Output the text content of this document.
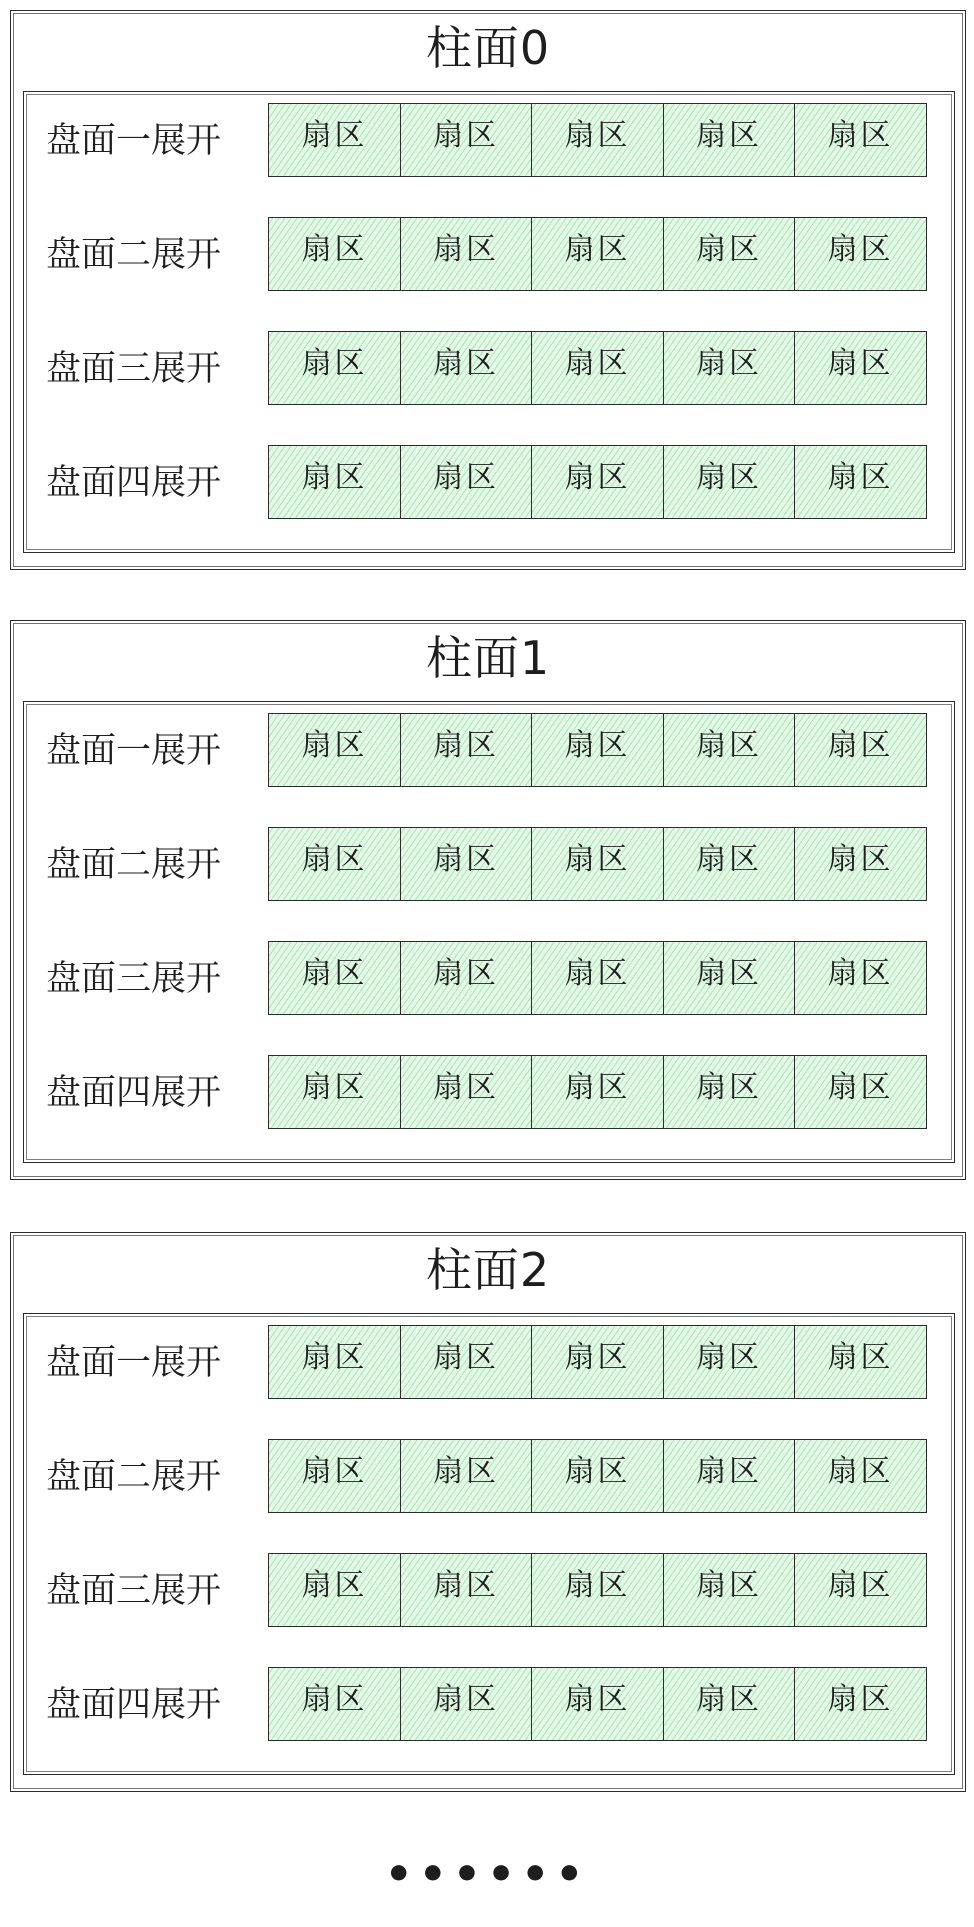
柱面0
盘面一展开	扇区	扇区	扇区	扇区	扇区
盘面二展开	扇区	扇区	扇区	扇区	扇区
盘面三展开	扇区	扇区	扇区	扇区	扇区
盘面四展开	扇区	扇区	扇区	扇区	扇区
柱面1
盘面一展开	扇区	扇区	扇区	扇区	扇区
盘面二展开	扇区	扇区	扇区	扇区	扇区
盘面三展开	扇区	扇区	扇区	扇区	扇区
盘面四展开	扇区	扇区	扇区	扇区	扇区
柱面2
盘面一展开	扇区	扇区	扇区	扇区	扇区
盘面二展开	扇区	扇区	扇区	扇区	扇区
盘面三展开	扇区	扇区	扇区	扇区	扇区
盘面四展开	扇区	扇区	扇区	扇区	扇区
••••••
